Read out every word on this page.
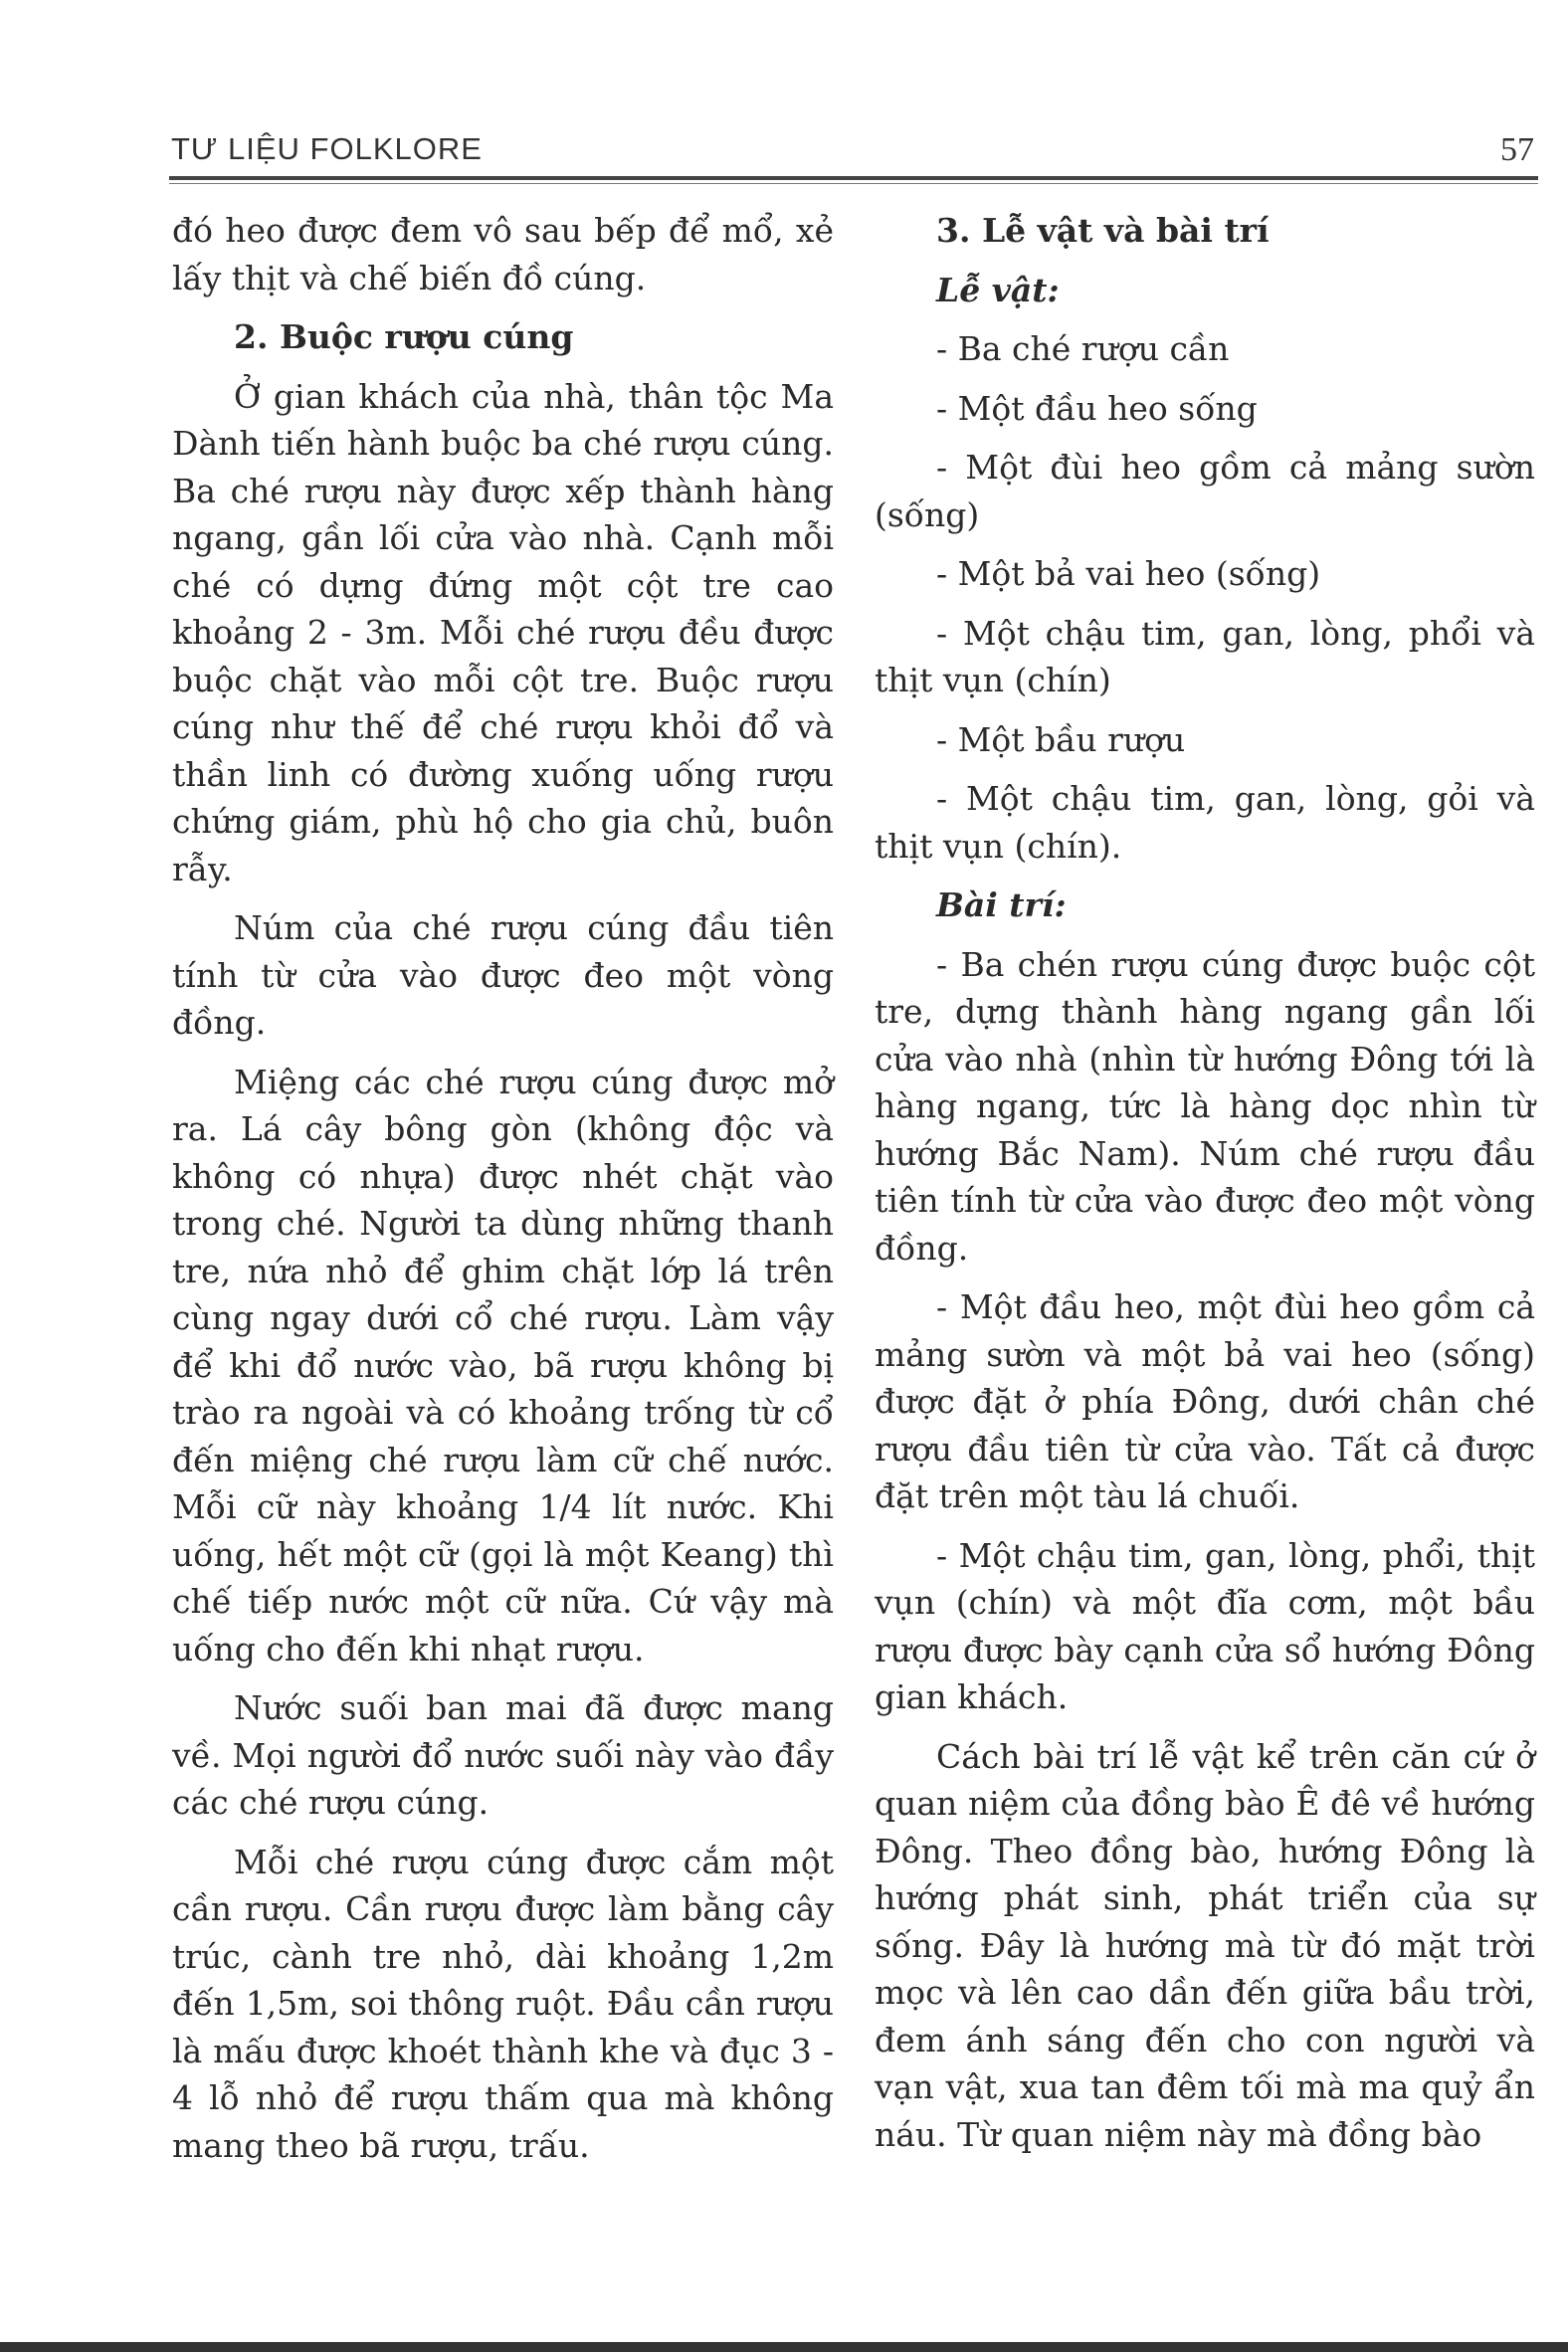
TƯ LIỆU FOLKLORE	57

đó heo được đem vô sau bếp để mổ, xẻ lấy thịt và chế biến đồ cúng.

2. Buộc rượu cúng

Ở gian khách của nhà, thân tộc Ma Dành tiến hành buộc ba ché rượu cúng. Ba ché rượu này được xếp thành hàng ngang, gần lối cửa vào nhà. Cạnh mỗi ché có dựng đứng một cột tre cao khoảng 2 - 3m. Mỗi ché rượu đều được buộc chặt vào mỗi cột tre. Buộc rượu cúng như thế để ché rượu khỏi đổ và thần linh có đường xuống uống rượu chứng giám, phù hộ cho gia chủ, buôn rẫy.

Núm của ché rượu cúng đầu tiên tính từ cửa vào được đeo một vòng đồng.

Miệng các ché rượu cúng được mở ra. Lá cây bông gòn (không độc và không có nhựa) được nhét chặt vào trong ché. Người ta dùng những thanh tre, nứa nhỏ để ghim chặt lớp lá trên cùng ngay dưới cổ ché rượu. Làm vậy để khi đổ nước vào, bã rượu không bị trào ra ngoài và có khoảng trống từ cổ đến miệng ché rượu làm cữ chế nước. Mỗi cữ này khoảng 1/4 lít nước. Khi uống, hết một cữ (gọi là một Keang) thì chế tiếp nước một cữ nữa. Cứ vậy mà uống cho đến khi nhạt rượu.

Nước suối ban mai đã được mang về. Mọi người đổ nước suối này vào đầy các ché rượu cúng.

Mỗi ché rượu cúng được cắm một cần rượu. Cần rượu được làm bằng cây trúc, cành tre nhỏ, dài khoảng 1,2m đến 1,5m, soi thông ruột. Đầu cần rượu là mấu được khoét thành khe và đục 3 - 4 lỗ nhỏ để rượu thấm qua mà không mang theo bã rượu, trấu.

3. Lễ vật và bài trí

Lễ vật:

- Ba ché rượu cần

- Một đầu heo sống

- Một đùi heo gồm cả mảng sườn (sống)

- Một bả vai heo (sống)

- Một chậu tim, gan, lòng, phổi và thịt vụn (chín)

- Một bầu rượu

- Một chậu tim, gan, lòng, gỏi và thịt vụn (chín).

Bài trí:

- Ba chén rượu cúng được buộc cột tre, dựng thành hàng ngang gần lối cửa vào nhà (nhìn từ hướng Đông tới là hàng ngang, tức là hàng dọc nhìn từ hướng Bắc Nam). Núm ché rượu đầu tiên tính từ cửa vào được đeo một vòng đồng.

- Một đầu heo, một đùi heo gồm cả mảng sườn và một bả vai heo (sống) được đặt ở phía Đông, dưới chân ché rượu đầu tiên từ cửa vào. Tất cả được đặt trên một tàu lá chuối.

- Một chậu tim, gan, lòng, phổi, thịt vụn (chín) và một đĩa cơm, một bầu rượu được bày cạnh cửa sổ hướng Đông gian khách.

Cách bài trí lễ vật kể trên căn cứ ở quan niệm của đồng bào Ê đê về hướng Đông. Theo đồng bào, hướng Đông là hướng phát sinh, phát triển của sự sống. Đây là hướng mà từ đó mặt trời mọc và lên cao dần đến giữa bầu trời, đem ánh sáng đến cho con người và vạn vật, xua tan đêm tối mà ma quỷ ẩn náu. Từ quan niệm này mà đồng bào
